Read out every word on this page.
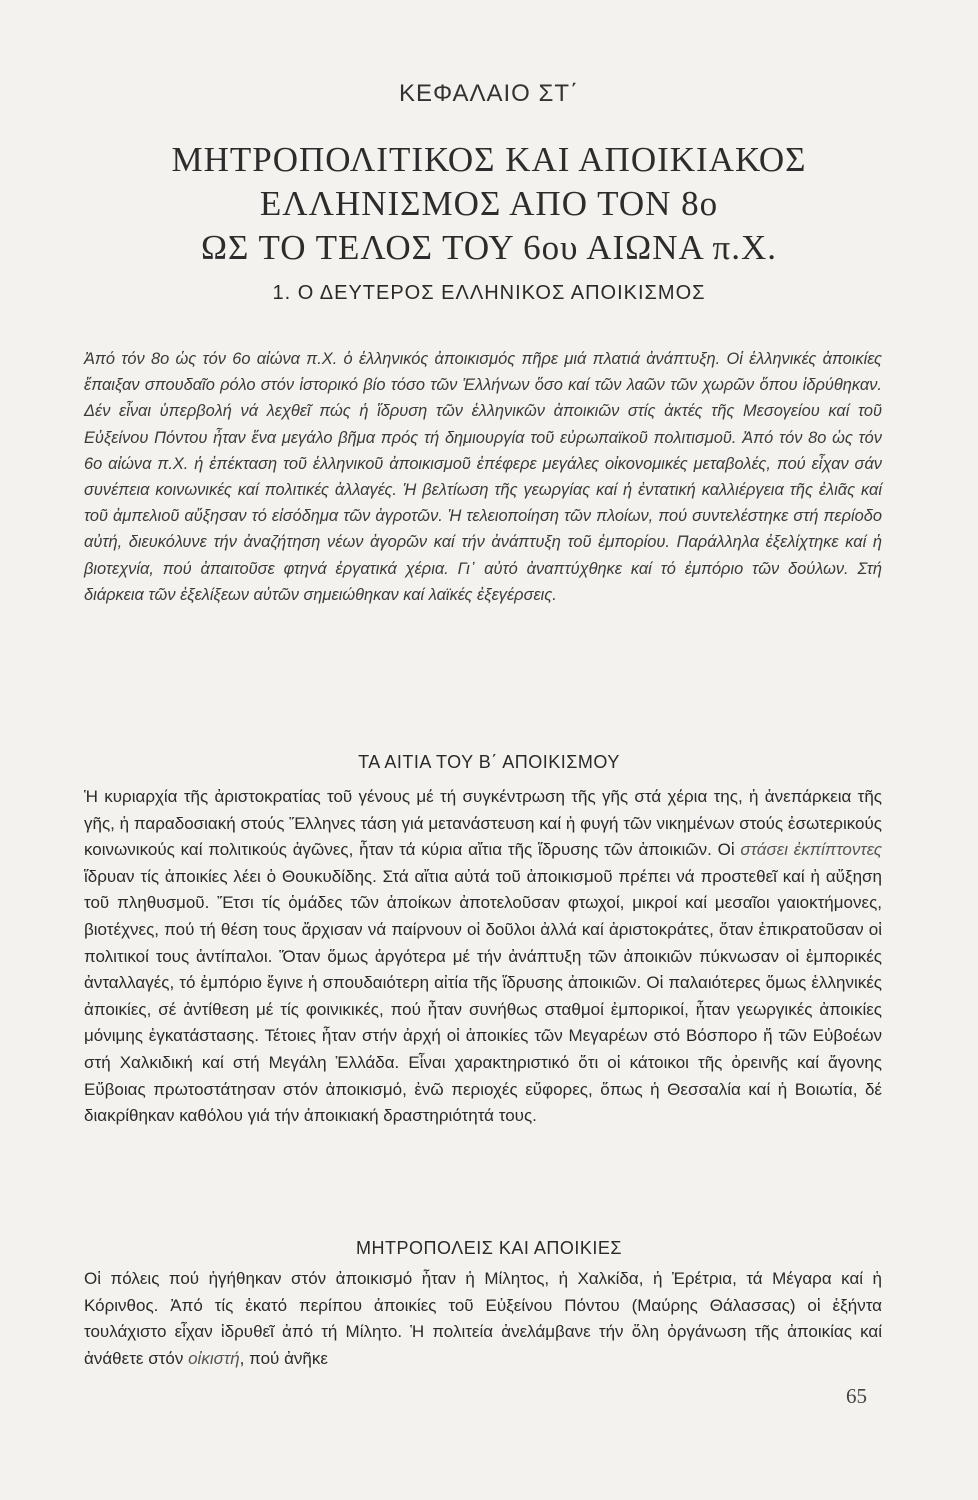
ΚΕΦΑΛΑΙΟ ΣΤ΄
ΜΗΤΡΟΠΟΛΙΤΙΚΟΣ ΚΑΙ ΑΠΟΙΚΙΑΚΟΣ
ΕΛΛΗΝΙΣΜΟΣ ΑΠΟ ΤΟΝ 8ο
ΩΣ ΤΟ ΤΕΛΟΣ ΤΟΥ 6ου ΑΙΩΝΑ π.Χ.
1. Ο ΔΕΥΤΕΡΟΣ ΕΛΛΗΝΙΚΟΣ ΑΠΟΙΚΙΣΜΟΣ

Ἀπό τόν 8ο ὡς τόν 6ο αἰώνα π.Χ. ὁ ἑλληνικός ἀποικισμός πῆρε μιά πλατιά ἀνάπτυξη. Οἱ ἑλληνικές ἀποικίες ἔπαιξαν σπουδαῖο ρόλο στόν ἱστορικό βίο τόσο τῶν Ἑλλήνων ὅσο καί τῶν λαῶν τῶν χωρῶν ὅπου ἱδρύθηκαν. Δέν εἶναι ὑπερβολή νά λεχθεῖ πώς ἡ ἵδρυση τῶν ἑλληνικῶν ἀποικιῶν στίς ἀκτές τῆς Μεσογείου καί τοῦ Εὐξείνου Πόντου ἦταν ἕνα μεγάλο βῆμα πρός τή δημιουργία τοῦ εὐρωπαϊκοῦ πολιτισμοῦ. Ἀπό τόν 8ο ὡς τόν 6ο αἰώνα π.Χ. ἡ ἐπέκταση τοῦ ἑλληνικοῦ ἀποικισμοῦ ἐπέφερε μεγάλες οἰκονομικές μεταβολές, πού εἶχαν σάν συνέπεια κοινωνικές καί πολιτικές ἀλλαγές. Ἡ βελτίωση τῆς γεωργίας καί ἡ ἐντατική καλλιέργεια τῆς ἐλιᾶς καί τοῦ ἀμπελιοῦ αὔξησαν τό εἰσόδημα τῶν ἀγροτῶν. Ἡ τελειοποίηση τῶν πλοίων, πού συντελέστηκε στή περίοδο αὐτή, διευκόλυνε τήν ἀναζήτηση νέων ἀγορῶν καί τήν ἀνάπτυξη τοῦ ἐμπορίου. Παράλληλα ἐξελίχτηκε καί ἡ βιοτεχνία, πού ἀπαιτοῦσε φτηνά ἐργατικά χέρια. Γι᾽ αὐτό ἀναπτύχθηκε καί τό ἐμπόριο τῶν δούλων. Στή διάρκεια τῶν ἐξελίξεων αὐτῶν σημειώθηκαν καί λαϊκές ἐξεγέρσεις.

ΤΑ ΑΙΤΙΑ ΤΟΥ Β΄ ΑΠΟΙΚΙΣΜΟΥ

Ἡ κυριαρχία τῆς ἀριστοκρατίας τοῦ γένους μέ τή συγκέντρωση τῆς γῆς στά χέρια της, ἡ ἀνεπάρκεια τῆς γῆς, ἡ παραδοσιακή στούς Ἕλληνες τάση γιά μετανάστευση καί ἡ φυγή τῶν νικημένων στούς ἐσωτερικούς κοινωνικούς καί πολιτικούς ἀγῶνες, ἦταν τά κύρια αἴτια τῆς ἵδρυσης τῶν ἀποικιῶν. Οἱ στάσει ἐκπίπτοντες ἵδρυαν τίς ἀποικίες λέει ὁ Θουκυδίδης. Στά αἴτια αὐτά τοῦ ἀποικισμοῦ πρέπει νά προστεθεῖ καί ἡ αὔξηση τοῦ πληθυσμοῦ. Ἔτσι τίς ὁμάδες τῶν ἀποίκων ἀποτελοῦσαν φτωχοί, μικροί καί μεσαῖοι γαιοκτήμονες, βιοτέχνες, πού τή θέση τους ἄρχισαν νά παίρνουν οἱ δοῦλοι ἀλλά καί ἀριστοκράτες, ὅταν ἐπικρατοῦσαν οἱ πολιτικοί τους ἀντίπαλοι. Ὅταν ὅμως ἀργότερα μέ τήν ἀνάπτυξη τῶν ἀποικιῶν πύκνωσαν οἱ ἐμπορικές ἀνταλλαγές, τό ἐμπόριο ἔγινε ἡ σπουδαιότερη αἰτία τῆς ἵδρυσης ἀποικιῶν. Οἱ παλαιότερες ὅμως ἑλληνικές ἀποικίες, σέ ἀντίθεση μέ τίς φοινικικές, πού ἦταν συνήθως σταθμοί ἐμπορικοί, ἦταν γεωργικές ἀποικίες μόνιμης ἐγκατάστασης. Τέτοιες ἦταν στήν ἀρχή οἱ ἀποικίες τῶν Μεγαρέων στό Βόσπορο ἤ τῶν Εὐβοέων στή Χαλκιδική καί στή Μεγάλη Ἑλλάδα. Εἶναι χαρακτηριστικό ὅτι οἱ κάτοικοι τῆς ὀρεινῆς καί ἄγονης Εὔβοιας πρωτοστάτησαν στόν ἀποικισμό, ἐνῶ περιοχές εὔφορες, ὅπως ἡ Θεσσαλία καί ἡ Βοιωτία, δέ διακρίθηκαν καθόλου γιά τήν ἀποικιακή δραστηριότητά τους.

ΜΗΤΡΟΠΟΛΕΙΣ ΚΑΙ ΑΠΟΙΚΙΕΣ

Οἱ πόλεις πού ἡγήθηκαν στόν ἀποικισμό ἦταν ἡ Μίλητος, ἡ Χαλκίδα, ἡ Ἐρέτρια, τά Μέγαρα καί ἡ Κόρινθος. Ἀπό τίς ἑκατό περίπου ἀποικίες τοῦ Εὐξείνου Πόντου (Μαύρης Θάλασσας) οἱ ἑξήντα τουλάχιστο εἶχαν ἱδρυθεῖ ἀπό τή Μίλητο. Ἡ πολιτεία ἀνελάμβανε τήν ὅλη ὀργάνωση τῆς ἀποικίας καί ἀνάθετε στόν οἰκιστή, πού ἀνῆκε

65
